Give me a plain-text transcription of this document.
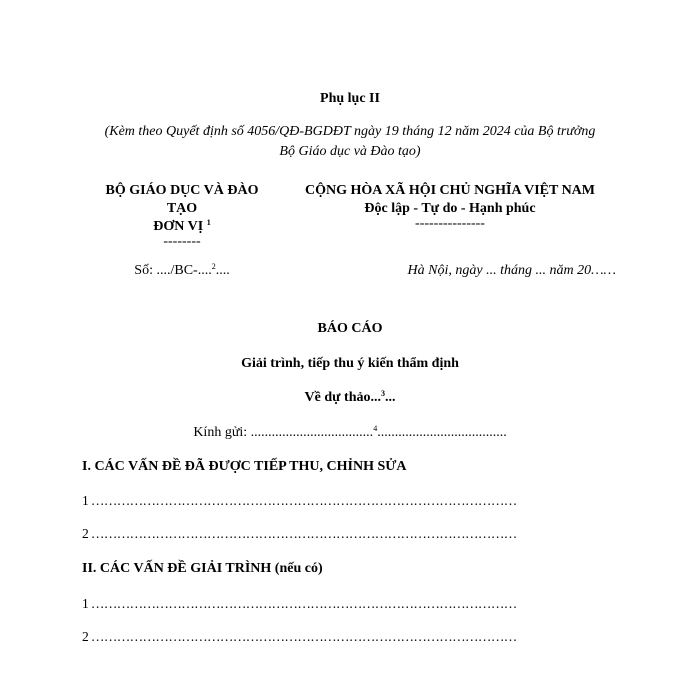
Phụ lục II
(Kèm theo Quyết định số 4056/QĐ-BGDĐT ngày 19 tháng 12 năm 2024 của Bộ trưởng
Bộ Giáo dục và Đào tạo)
BỘ GIÁO DỤC VÀ ĐÀO
TẠO
ĐƠN VỊ $^1$
--------
Số: ..../BC-....$^2$....
CỘNG HÒA XÃ HỘI CHỦ NGHĨA VIỆT NAM
Độc lập - Tự do - Hạnh phúc
---------------
Hà Nội, ngày ... tháng ... năm 20……
BÁO CÁO
Giải trình, tiếp thu ý kiến thẩm định
Về dự thảo...$^3$...
Kính gửi: ...................................$^4$.....................................
I. CÁC VẤN ĐỀ ĐÃ ĐƯỢC TIẾP THU, CHỈNH SỬA
1 ………………………………………………………………………………………
2 ………………………………………………………………………………………
II. CÁC VẤN ĐỀ GIẢI TRÌNH (nếu có)
1 ………………………………………………………………………………………
2 ………………………………………………………………………………………
